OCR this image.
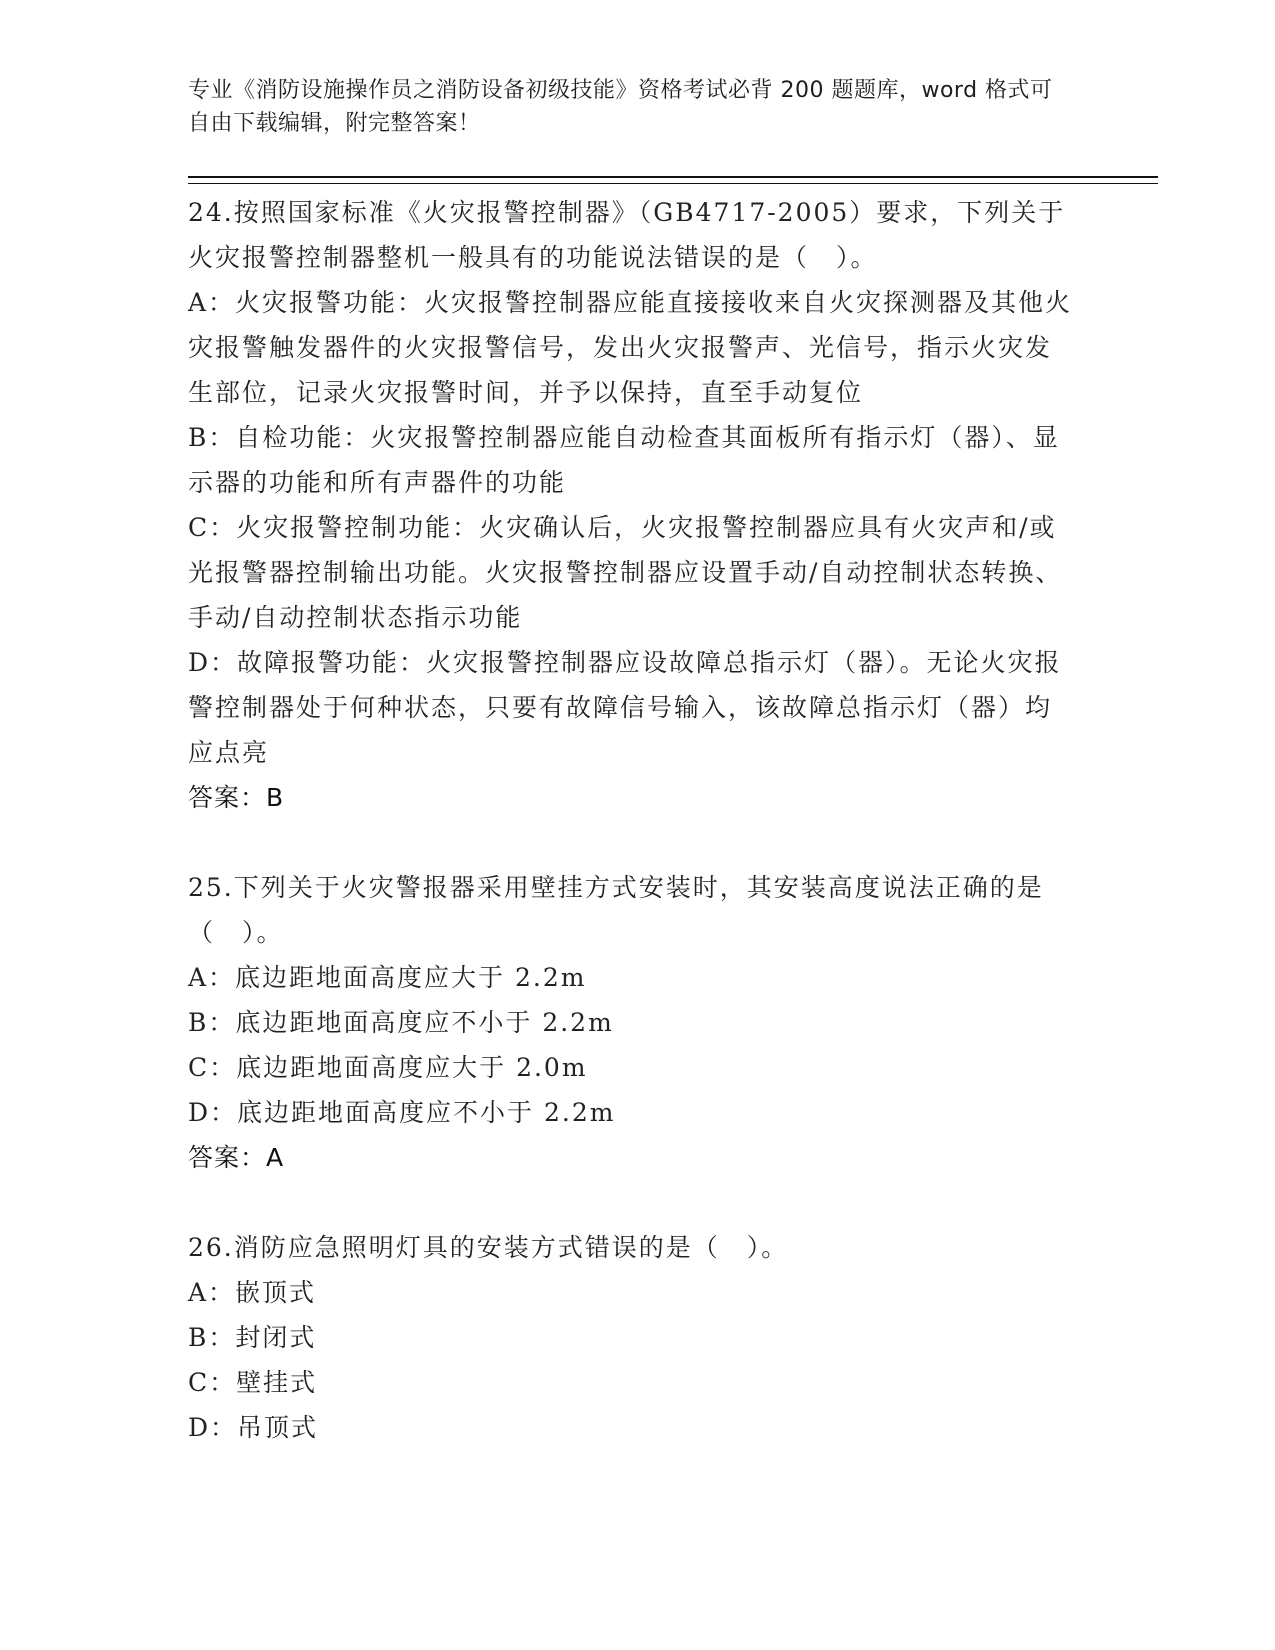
专业《消防设施操作员之消防设备初级技能》资格考试必背 200 题题库，word 格式可自由下载编辑，附完整答案！

24.按照国家标准《火灾报警控制器》（GB4717-2005）要求，下列关于火灾报警控制器整机一般具有的功能说法错误的是（　）。

A：火灾报警功能：火灾报警控制器应能直接接收来自火灾探测器及其他火灾报警触发器件的火灾报警信号，发出火灾报警声、光信号，指示火灾发生部位，记录火灾报警时间，并予以保持，直至手动复位

B：自检功能：火灾报警控制器应能自动检查其面板所有指示灯（器）、显示器的功能和所有声器件的功能

C：火灾报警控制功能：火灾确认后，火灾报警控制器应具有火灾声和/或光报警器控制输出功能。火灾报警控制器应设置手动/自动控制状态转换、手动/自动控制状态指示功能

D：故障报警功能：火灾报警控制器应设故障总指示灯（器）。无论火灾报警控制器处于何种状态，只要有故障信号输入，该故障总指示灯（器）均应点亮

答案：B

25.下列关于火灾警报器采用壁挂方式安装时，其安装高度说法正确的是（　）。

A：底边距地面高度应大于 2.2m

B：底边距地面高度应不小于 2.2m

C：底边距地面高度应大于 2.0m

D：底边距地面高度应不小于 2.2m

答案：A

26.消防应急照明灯具的安装方式错误的是（　）。

A：嵌顶式

B：封闭式

C：壁挂式

D：吊顶式
